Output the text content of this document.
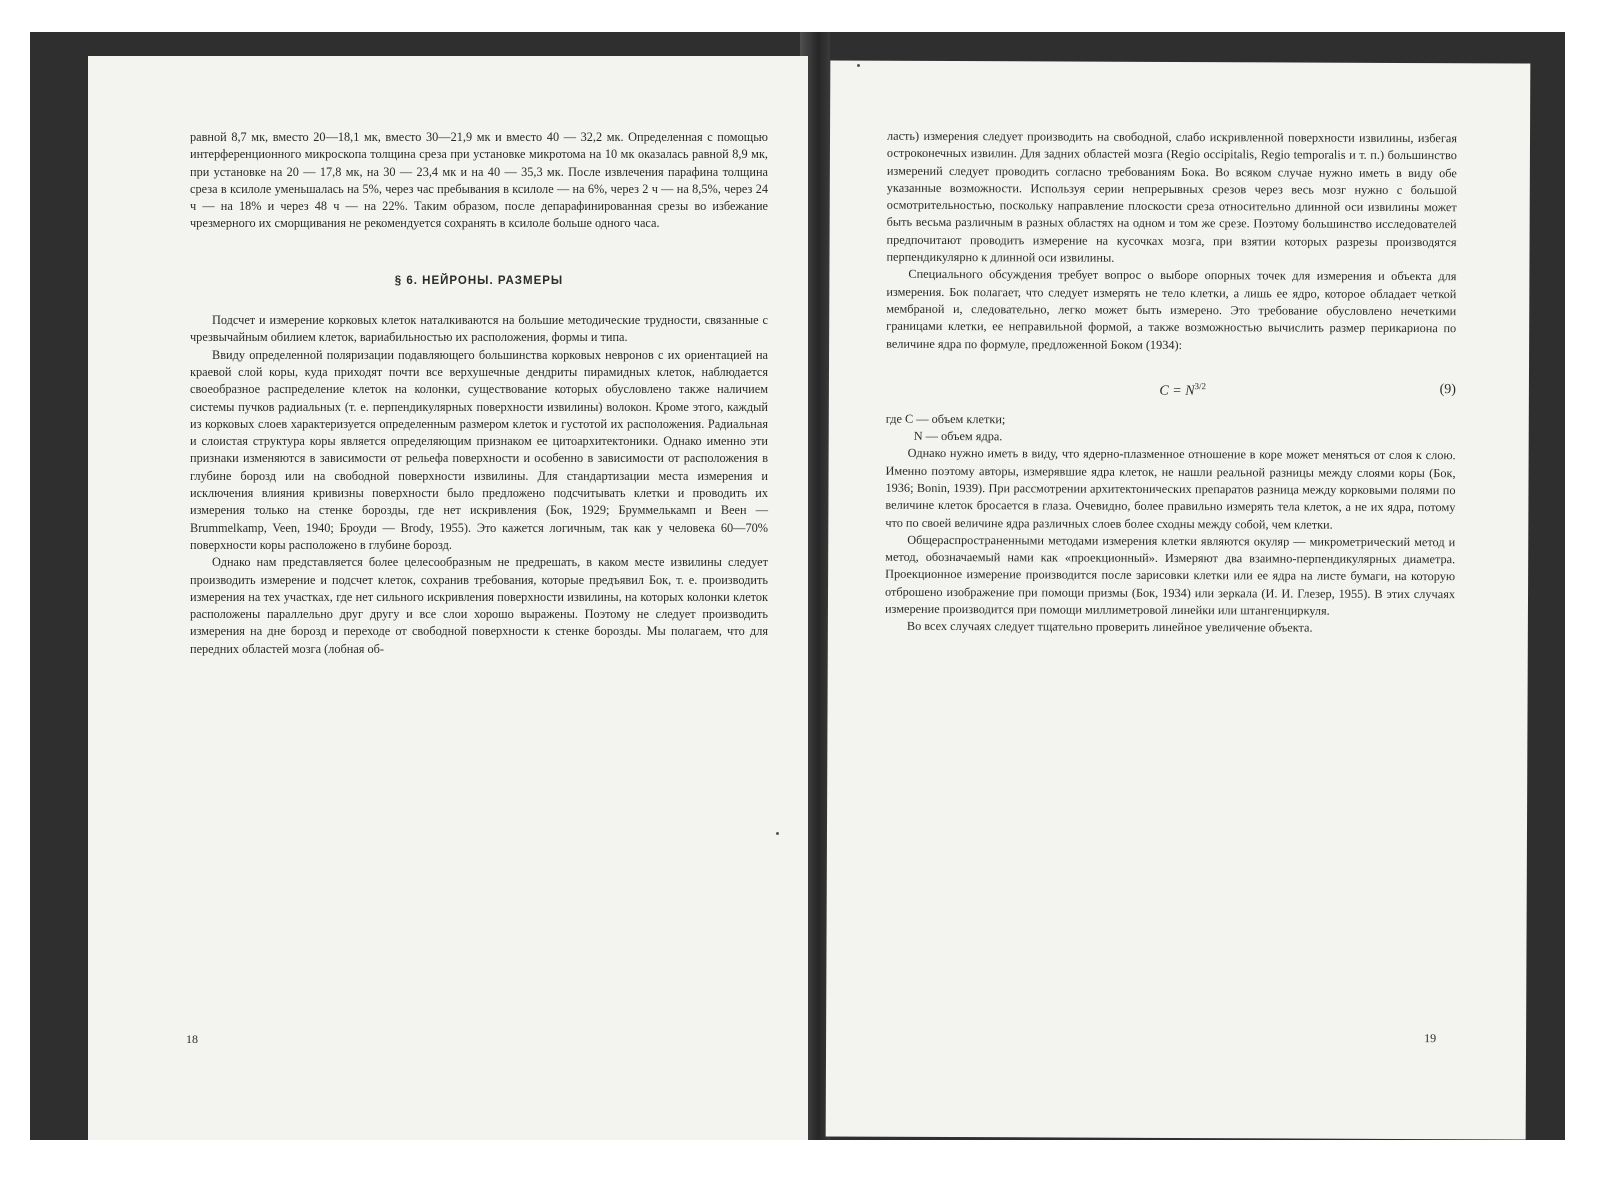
равной 8,7 мк, вместо 20—18,1 мк, вместо 30—21,9 мк и вместо 40 — 32,2 мк. Определенная с помощью интерференционного микроскопа толщина среза при установке микротома на 10 мк оказалась равной 8,9 мк, при установке на 20 — 17,8 мк, на 30 — 23,4 мк и на 40 — 35,3 мк. После извлечения парафина толщина среза в ксилоле уменьшалась на 5%, через час пребывания в ксилоле — на 6%, через 2 ч — на 8,5%, через 24 ч — на 18% и через 48 ч — на 22%. Таким образом, после депарафинированная срезы во избежание чрезмерного их сморщивания не рекомендуется сохранять в ксилоле больше одного часа.

§ 6. НЕЙРОНЫ. РАЗМЕРЫ

Подсчет и измерение корковых клеток наталкиваются на большие методические трудности, связанные с чрезвычайным обилием клеток, вариабильностью их расположения, формы и типа.

Ввиду определенной поляризации подавляющего большинства корковых невронов с их ориентацией на краевой слой коры, куда приходят почти все верхушечные дендриты пирамидных клеток, наблюдается своеобразное распределение клеток на колонки, существование которых обусловлено также наличием системы пучков радиальных (т. е. перпендикулярных поверхности извилины) волокон. Кроме этого, каждый из корковых слоев характеризуется определенным размером клеток и густотой их расположения. Радиальная и слоистая структура коры является определяющим признаком ее цитоархитектоники. Однако именно эти признаки изменяются в зависимости от рельефа поверхности и особенно в зависимости от расположения в глубине борозд или на свободной поверхности извилины. Для стандартизации места измерения и исключения влияния кривизны поверхности было предложено подсчитывать клетки и проводить их измерения только на стенке борозды, где нет искривления (Бок, 1929; Бруммелькамп и Веен — Brummelkamp, Veen, 1940; Броуди — Brody, 1955). Это кажется логичным, так как у человека 60—70% поверхности коры расположено в глубине борозд.

Однако нам представляется более целесообразным не предрешать, в каком месте извилины следует производить измерение и подсчет клеток, сохранив требования, которые предъявил Бок, т. е. производить измерения на тех участках, где нет сильного искривления поверхности извилины, на которых колонки клеток расположены параллельно друг другу и все слои хорошо выражены. Поэтому не следует производить измерения на дне борозд и переходе от свободной поверхности к стенке борозды. Мы полагаем, что для передних областей мозга (лобная об-

18

ласть) измерения следует производить на свободной, слабо искривленной поверхности извилины, избегая остроконечных извилин. Для задних областей мозга (Regio occipitalis, Regio temporalis и т. п.) большинство измерений следует проводить согласно требованиям Бока. Во всяком случае нужно иметь в виду обе указанные возможности. Используя серии непрерывных срезов через весь мозг нужно с большой осмотрительностью, поскольку направление плоскости среза относительно длинной оси извилины может быть весьма различным в разных областях на одном и том же срезе. Поэтому большинство исследователей предпочитают проводить измерение на кусочках мозга, при взятии которых разрезы производятся перпендикулярно к длинной оси извилины.

Специального обсуждения требует вопрос о выборе опорных точек для измерения и объекта для измерения. Бок полагает, что следует измерять не тело клетки, а лишь ее ядро, которое обладает четкой мембраной и, следовательно, легко может быть измерено. Это требование обусловлено нечеткими границами клетки, ее неправильной формой, а также возможностью вычислить размер перикариона по величине ядра по формуле, предложенной Боком (1934):

$C = N^{3/2}$	(9)

где C — объем клетки;

N — объем ядра.

Однако нужно иметь в виду, что ядерно-плазменное отношение в коре может меняться от слоя к слою. Именно поэтому авторы, измерявшие ядра клеток, не нашли реальной разницы между слоями коры (Бок, 1936; Bonin, 1939). При рассмотрении архитектонических препаратов разница между корковыми полями по величине клеток бросается в глаза. Очевидно, более правильно измерять тела клеток, а не их ядра, потому что по своей величине ядра различных слоев более сходны между собой, чем клетки.

Общераспространенными методами измерения клетки являются окуляр — микрометрический метод и метод, обозначаемый нами как «проекционный». Измеряют два взаимно-перпендикулярных диаметра. Проекционное измерение производится после зарисовки клетки или ее ядра на листе бумаги, на которую отброшено изображение при помощи призмы (Бок, 1934) или зеркала (И. И. Глезер, 1955). В этих случаях измерение производится при помощи миллиметровой линейки или штангенциркуля.

Во всех случаях следует тщательно проверить линейное увеличение объекта.

19
